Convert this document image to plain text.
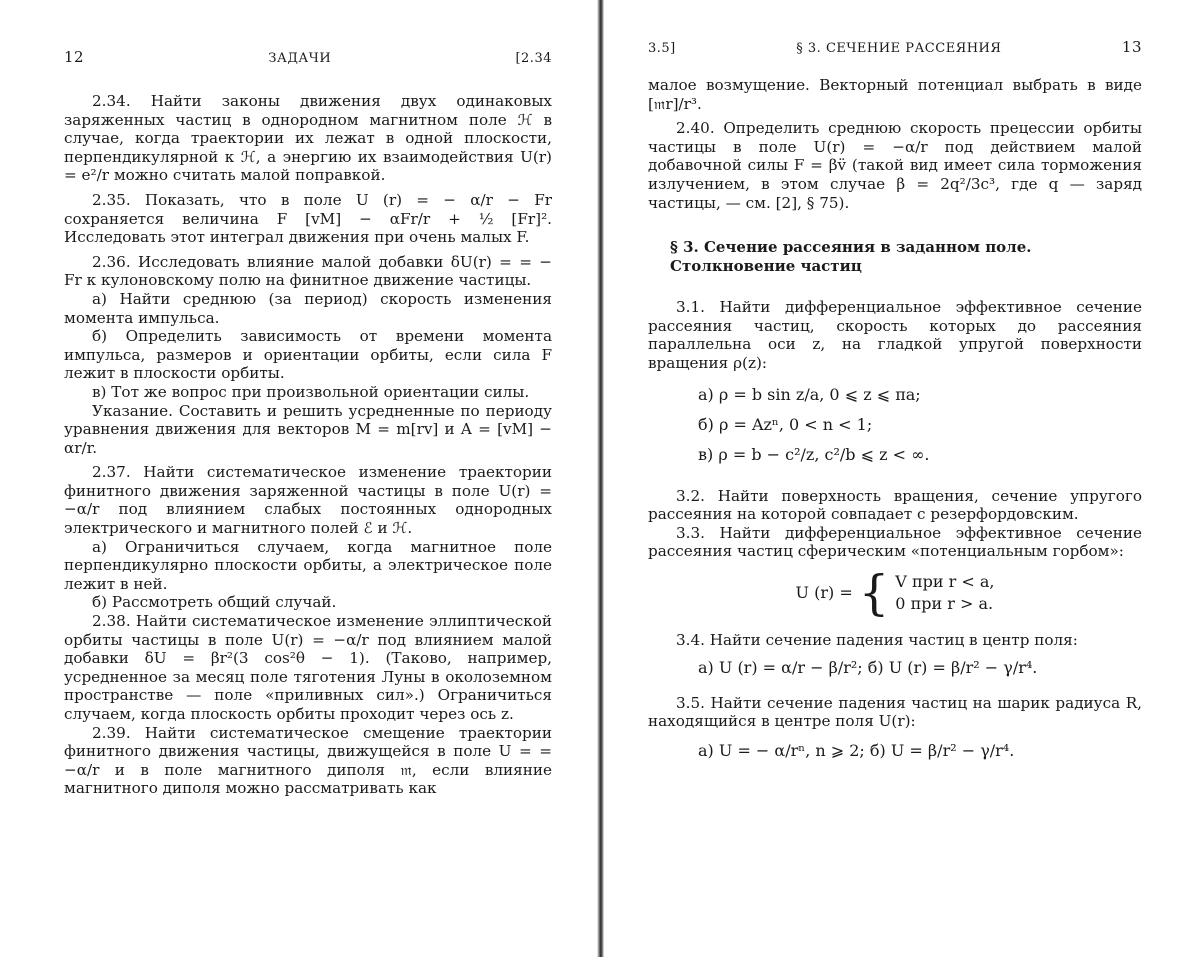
12	ЗАДАЧИ	[2.34

2.34. Найти законы движения двух одинаковых заряженных частиц в однородном магнитном поле ℋ в случае, когда траектории их лежат в одной плоскости, перпендикулярной к ℋ, а энергию их взаимодействия U(r) = e²/r можно считать малой поправкой.

2.35. Показать, что в поле U (r) = − α/r − Fr сохраняется величина F [vM] − αFr/r + ½ [Fr]². Исследовать этот интеграл движения при очень малых F.

2.36. Исследовать влияние малой добавки δU(r) = = − Fr к кулоновскому полю на финитное движение частицы.

а) Найти среднюю (за период) скорость изменения момента импульса.

б) Определить зависимость от времени момента импульса, размеров и ориентации орбиты, если сила F лежит в плоскости орбиты.

в) Тот же вопрос при произвольной ориентации силы.

Указание. Составить и решить усредненные по периоду уравнения движения для векторов M = m[rv] и A = [vM] − αr/r.

2.37. Найти систематическое изменение траектории финитного движения заряженной частицы в поле U(r) = −α/r под влиянием слабых постоянных однородных электрического и магнитного полей ℰ и ℋ.

а) Ограничиться случаем, когда магнитное поле перпендикулярно плоскости орбиты, а электрическое поле лежит в ней.

б) Рассмотреть общий случай.

2.38. Найти систематическое изменение эллиптической орбиты частицы в поле U(r) = −α/r под влиянием малой добавки δU = βr²(3 cos²θ − 1). (Таково, например, усредненное за месяц поле тяготения Луны в околоземном пространстве — поле «приливных сил».) Ограничиться случаем, когда плоскость орбиты проходит через ось z.

2.39. Найти систематическое смещение траектории финитного движения частицы, движущейся в поле U = = −α/r и в поле магнитного диполя 𝔪, если влияние магнитного диполя можно рассматривать как

3.5]	§ 3. СЕЧЕНИЕ РАССЕЯНИЯ	13

малое возмущение. Векторный потенциал выбрать в виде [𝔪r]/r³.

2.40. Определить среднюю скорость прецессии орбиты частицы в поле U(r) = −α/r под действием малой добавочной силы F = βv̈ (такой вид имеет сила торможения излучением, в этом случае β = 2q²/3c³, где q — заряд частицы, — см. [2], § 75).

§ 3. Сечение рассеяния в заданном поле.
Столкновение частиц

3.1. Найти дифференциальное эффективное сечение рассеяния частиц, скорость которых до рассеяния параллельна оси z, на гладкой упругой поверхности вращения ρ(z):

а) ρ = b sin z/a, 0 ⩽ z ⩽ πa;
б) ρ = Azⁿ, 0 < n < 1;
в) ρ = b − c²/z, c²/b ⩽ z < ∞.

3.2. Найти поверхность вращения, сечение упругого рассеяния на которой совпадает с резерфордовским.

3.3. Найти дифференциальное эффективное сечение рассеяния частиц сферическим «потенциальным горбом»:

U (r) = { V при r < a,
0 при r > a.

3.4. Найти сечение падения частиц в центр поля:

а) U (r) = α/r − β/r²; б) U (r) = β/r² − γ/r⁴.

3.5. Найти сечение падения частиц на шарик радиуса R, находящийся в центре поля U(r):

а) U = − α/rⁿ, n ⩾ 2; б) U = β/r² − γ/r⁴.
